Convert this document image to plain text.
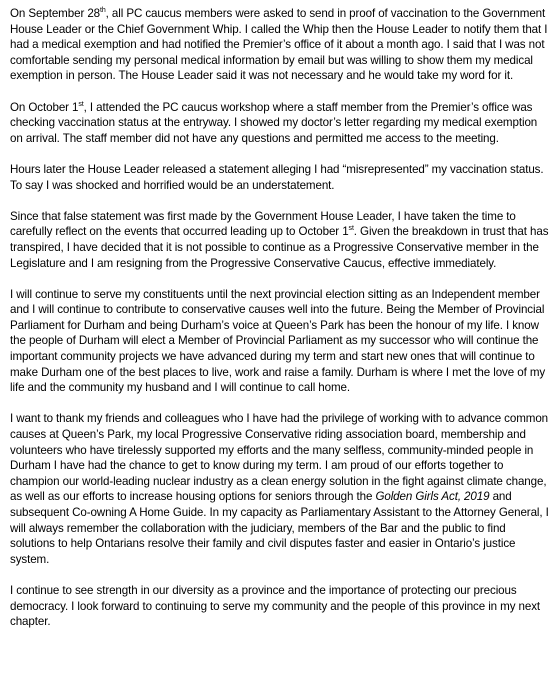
On September 28th, all PC caucus members were asked to send in proof of vaccination to the Government House Leader or the Chief Government Whip. I called the Whip then the House Leader to notify them that I had a medical exemption and had notified the Premier’s office of it about a month ago. I said that I was not comfortable sending my personal medical information by email but was willing to show them my medical exemption in person. The House Leader said it was not necessary and he would take my word for it.

On October 1st, I attended the PC caucus workshop where a staff member from the Premier’s office was checking vaccination status at the entryway. I showed my doctor’s letter regarding my medical exemption on arrival. The staff member did not have any questions and permitted me access to the meeting.

Hours later the House Leader released a statement alleging I had “misrepresented” my vaccination status. To say I was shocked and horrified would be an understatement.

Since that false statement was first made by the Government House Leader, I have taken the time to carefully reflect on the events that occurred leading up to October 1st. Given the breakdown in trust that has transpired, I have decided that it is not possible to continue as a Progressive Conservative member in the Legislature and I am resigning from the Progressive Conservative Caucus, effective immediately.

I will continue to serve my constituents until the next provincial election sitting as an Independent member and I will continue to contribute to conservative causes well into the future. Being the Member of Provincial Parliament for Durham and being Durham’s voice at Queen’s Park has been the honour of my life. I know the people of Durham will elect a Member of Provincial Parliament as my successor who will continue the important community projects we have advanced during my term and start new ones that will continue to make Durham one of the best places to live, work and raise a family. Durham is where I met the love of my life and the community my husband and I will continue to call home.

I want to thank my friends and colleagues who I have had the privilege of working with to advance common causes at Queen’s Park, my local Progressive Conservative riding association board, membership and volunteers who have tirelessly supported my efforts and the many selfless, community-minded people in Durham I have had the chance to get to know during my term. I am proud of our efforts together to champion our world-leading nuclear industry as a clean energy solution in the fight against climate change, as well as our efforts to increase housing options for seniors through the Golden Girls Act, 2019 and subsequent Co-owning A Home Guide. In my capacity as Parliamentary Assistant to the Attorney General, I will always remember the collaboration with the judiciary, members of the Bar and the public to find solutions to help Ontarians resolve their family and civil disputes faster and easier in Ontario’s justice system.

I continue to see strength in our diversity as a province and the importance of protecting our precious democracy. I look forward to continuing to serve my community and the people of this province in my next chapter.
